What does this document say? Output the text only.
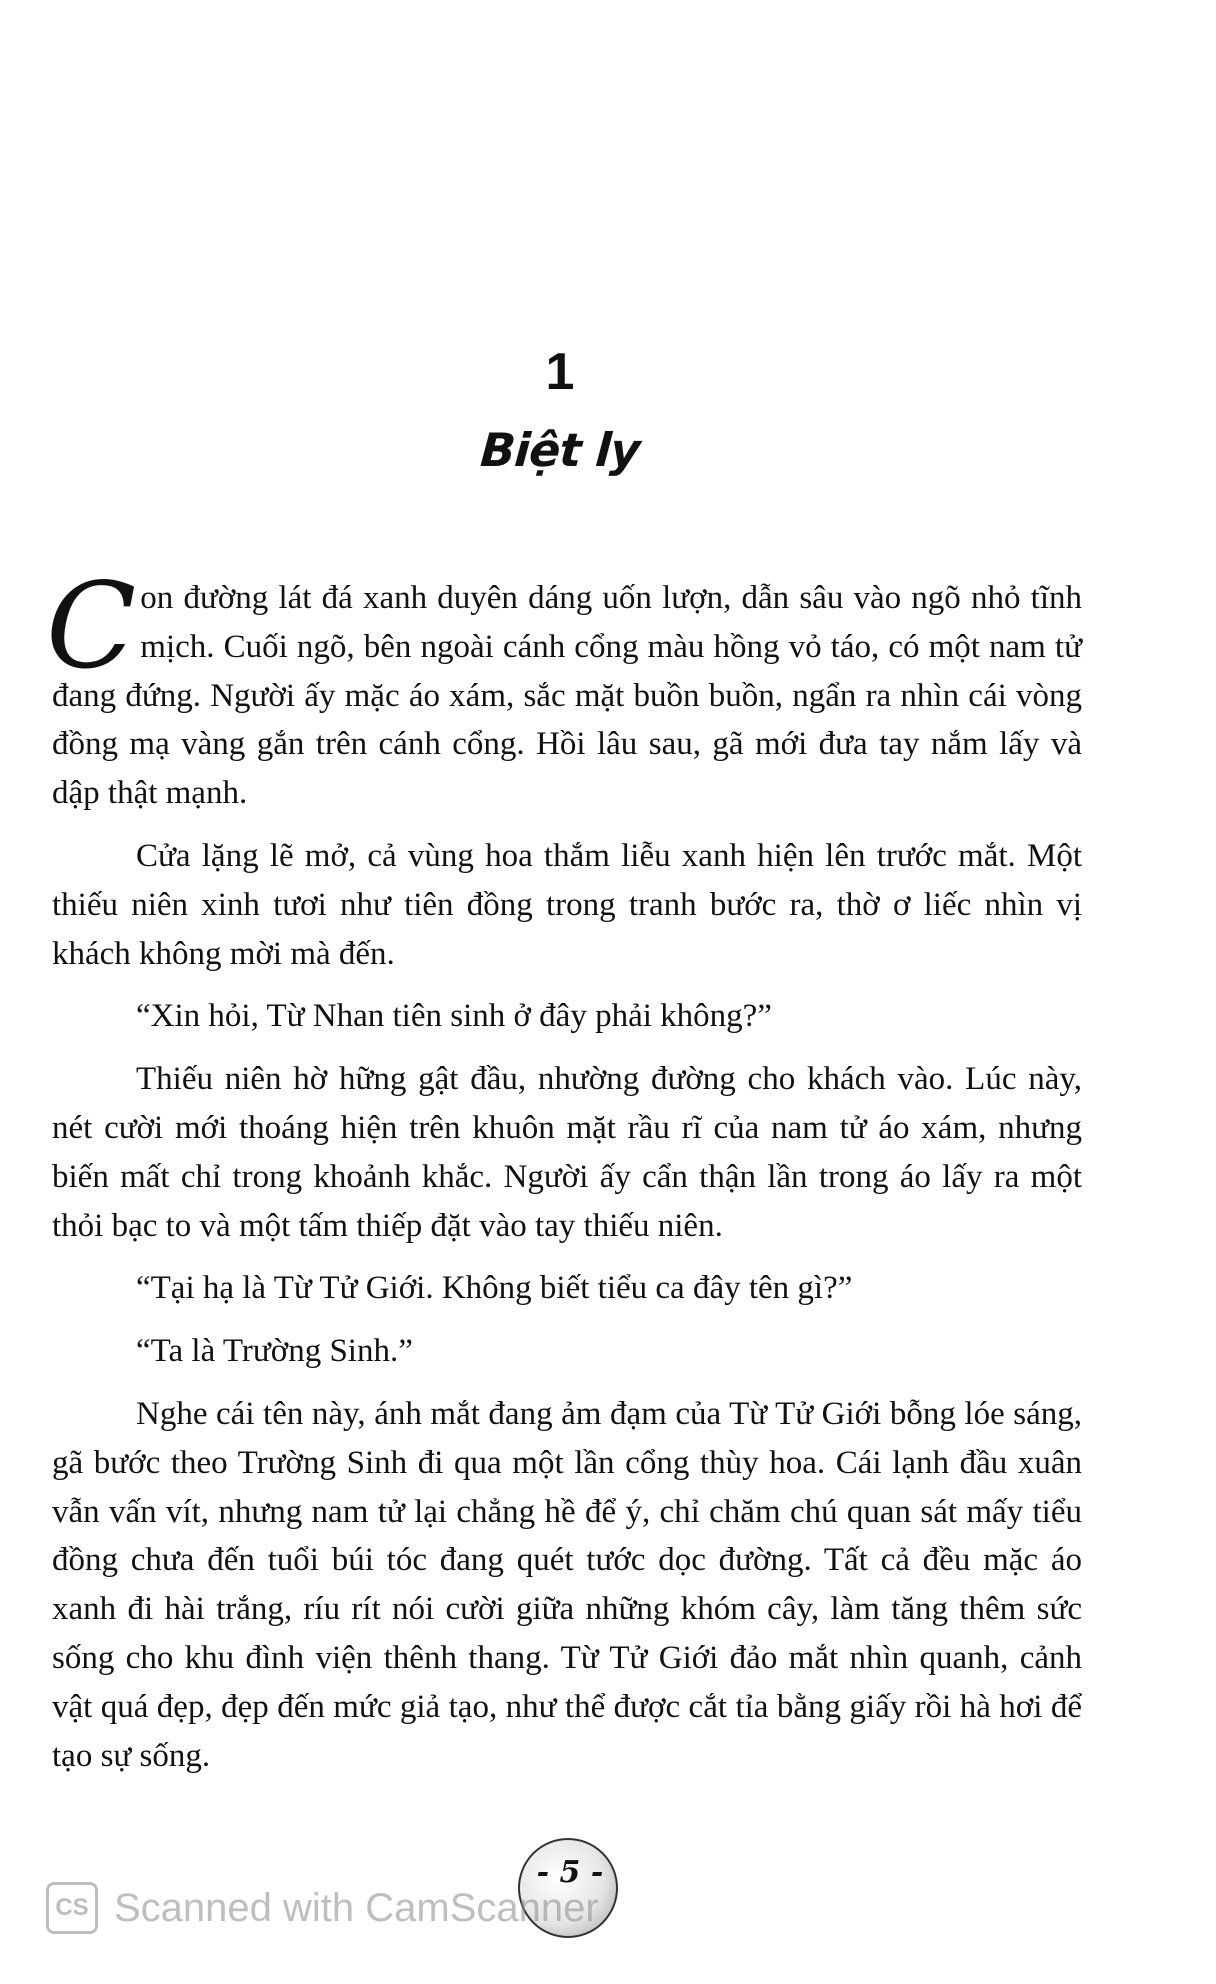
1
Biệt ly

Con đường lát đá xanh duyên dáng uốn lượn, dẫn sâu vào ngõ nhỏ tĩnh mịch. Cuối ngõ, bên ngoài cánh cổng màu hồng vỏ táo, có một nam tử đang đứng. Người ấy mặc áo xám, sắc mặt buồn buồn, ngẩn ra nhìn cái vòng đồng mạ vàng gắn trên cánh cổng. Hồi lâu sau, gã mới đưa tay nắm lấy và dập thật mạnh.

Cửa lặng lẽ mở, cả vùng hoa thắm liễu xanh hiện lên trước mắt. Một thiếu niên xinh tươi như tiên đồng trong tranh bước ra, thờ ơ liếc nhìn vị khách không mời mà đến.

“Xin hỏi, Từ Nhan tiên sinh ở đây phải không?”

Thiếu niên hờ hững gật đầu, nhường đường cho khách vào. Lúc này, nét cười mới thoáng hiện trên khuôn mặt rầu rĩ của nam tử áo xám, nhưng biến mất chỉ trong khoảnh khắc. Người ấy cẩn thận lần trong áo lấy ra một thỏi bạc to và một tấm thiếp đặt vào tay thiếu niên.

“Tại hạ là Từ Tử Giới. Không biết tiểu ca đây tên gì?”

“Ta là Trường Sinh.”

Nghe cái tên này, ánh mắt đang ảm đạm của Từ Tử Giới bỗng lóe sáng, gã bước theo Trường Sinh đi qua một lần cổng thùy hoa. Cái lạnh đầu xuân vẫn vấn vít, nhưng nam tử lại chẳng hề để ý, chỉ chăm chú quan sát mấy tiểu đồng chưa đến tuổi búi tóc đang quét tước dọc đường. Tất cả đều mặc áo xanh đi hài trắng, ríu rít nói cười giữa những khóm cây, làm tăng thêm sức sống cho khu đình viện thênh thang. Từ Tử Giới đảo mắt nhìn quanh, cảnh vật quá đẹp, đẹp đến mức giả tạo, như thể được cắt tỉa bằng giấy rồi hà hơi để tạo sự sống.

- 5 -
CS Scanned with CamScanner
